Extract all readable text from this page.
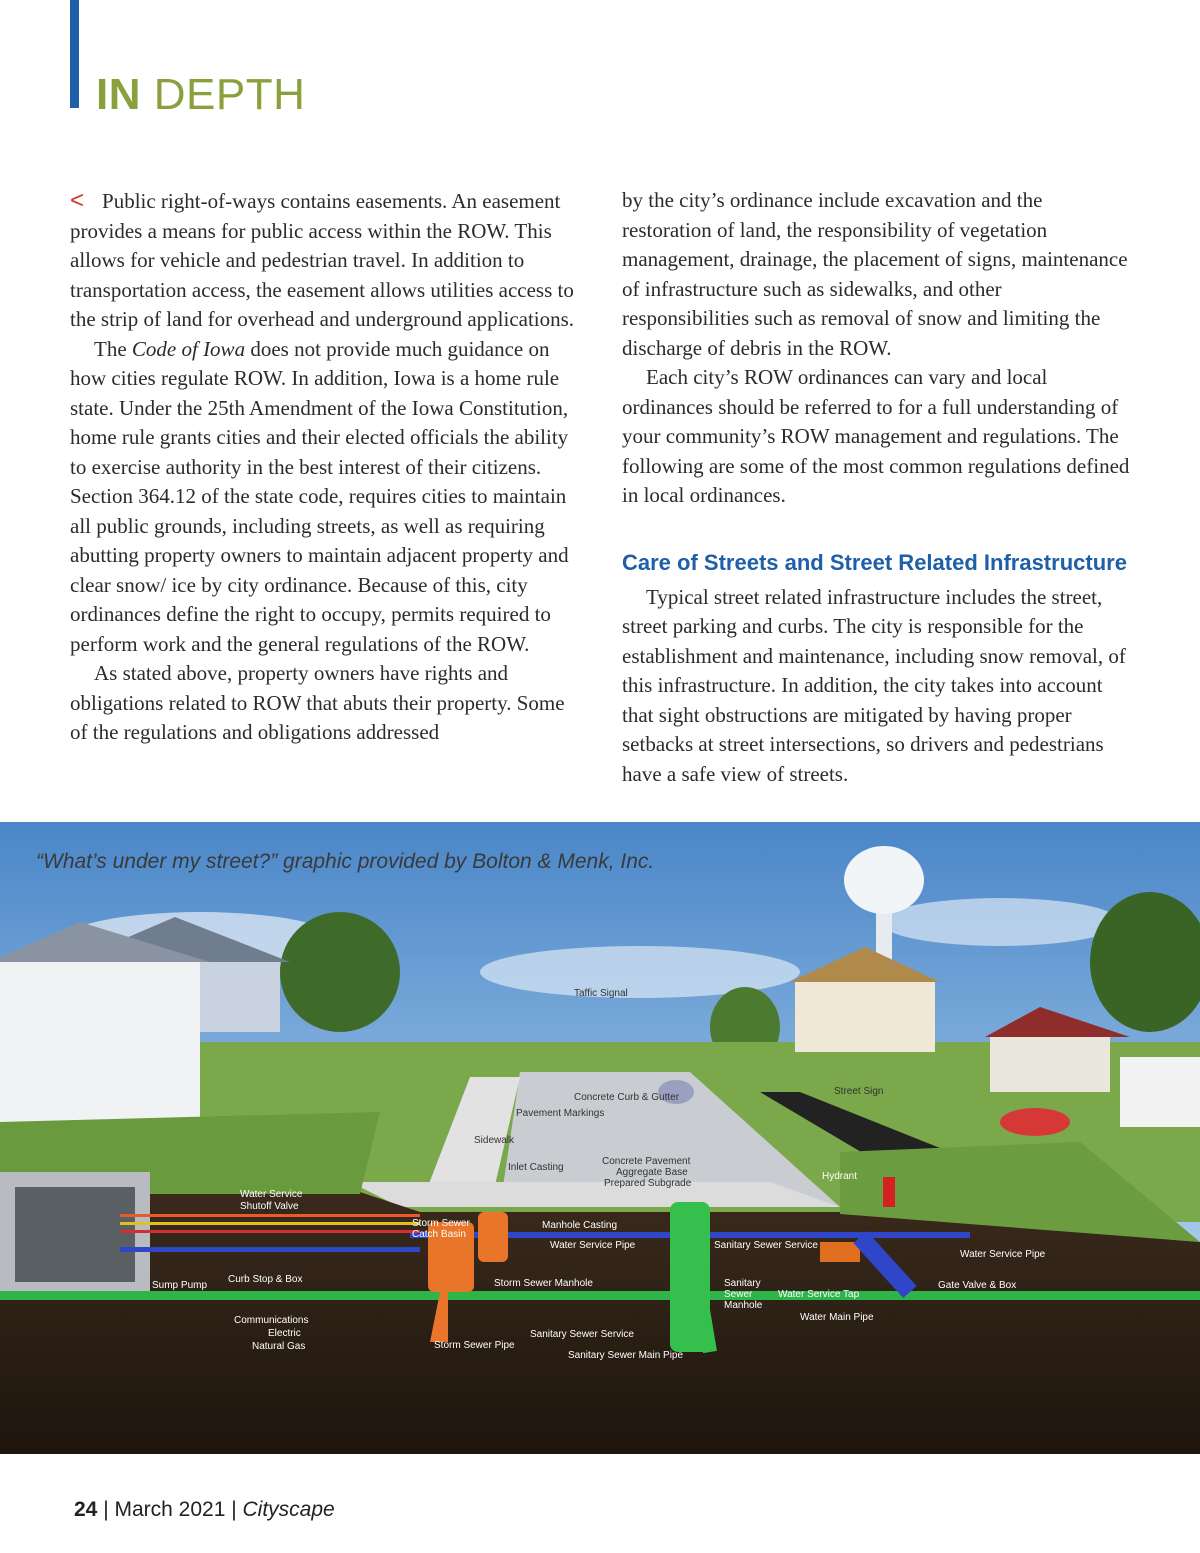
IN DEPTH

< Public right-of-ways contains easements. An easement provides a means for public access within the ROW. This allows for vehicle and pedestrian travel. In addition to transportation access, the easement allows utilities access to the strip of land for overhead and underground applications.

The Code of Iowa does not provide much guidance on how cities regulate ROW. In addition, Iowa is a home rule state. Under the 25th Amendment of the Iowa Constitution, home rule grants cities and their elected officials the ability to exercise authority in the best interest of their citizens. Section 364.12 of the state code, requires cities to maintain all public grounds, including streets, as well as requiring abutting property owners to maintain adjacent property and clear snow/ ice by city ordinance. Because of this, city ordinances define the right to occupy, permits required to perform work and the general regulations of the ROW.

As stated above, property owners have rights and obligations related to ROW that abuts their property. Some of the regulations and obligations addressed

by the city’s ordinance include excavation and the restoration of land, the responsibility of vegetation management, drainage, the placement of signs, maintenance of infrastructure such as sidewalks, and other responsibilities such as removal of snow and limiting the discharge of debris in the ROW.

Each city’s ROW ordinances can vary and local ordinances should be referred to for a full understanding of your community’s ROW management and regulations. The following are some of the most common regulations defined in local ordinances.

Care of Streets and Street Related Infrastructure

Typical street related infrastructure includes the street, street parking and curbs. The city is responsible for the establishment and maintenance, including snow removal, of this infrastructure. In addition, the city takes into account that sight obstructions are mitigated by having proper setbacks at street intersections, so drivers and pedestrians have a safe view of streets.

“What’s under my street?” graphic provided by Bolton & Menk, Inc.
Taffic Signal
Street Sign
Concrete Curb & Gutter
Pavement Markings
Sidewalk
Inlet Casting
Concrete Pavement
Aggregate Base
Prepared Subgrade
Hydrant
Water Service
Shutoff Valve
Storm Sewer
Catch Basin
Manhole Casting
Water Service Pipe	Sanitary Sewer Service
Water Service Pipe
Sump Pump
Curb Stop & Box	Storm Sewer Manhole	Sanitary
Sewer
Manhole
Water Service Tap
Gate Valve & Box
Water Main Pipe
Communications
Electric
Natural Gas	Storm Sewer Pipe
Sanitary Sewer Service
Sanitary Sewer Main Pipe
24 | March 2021 | Cityscape
